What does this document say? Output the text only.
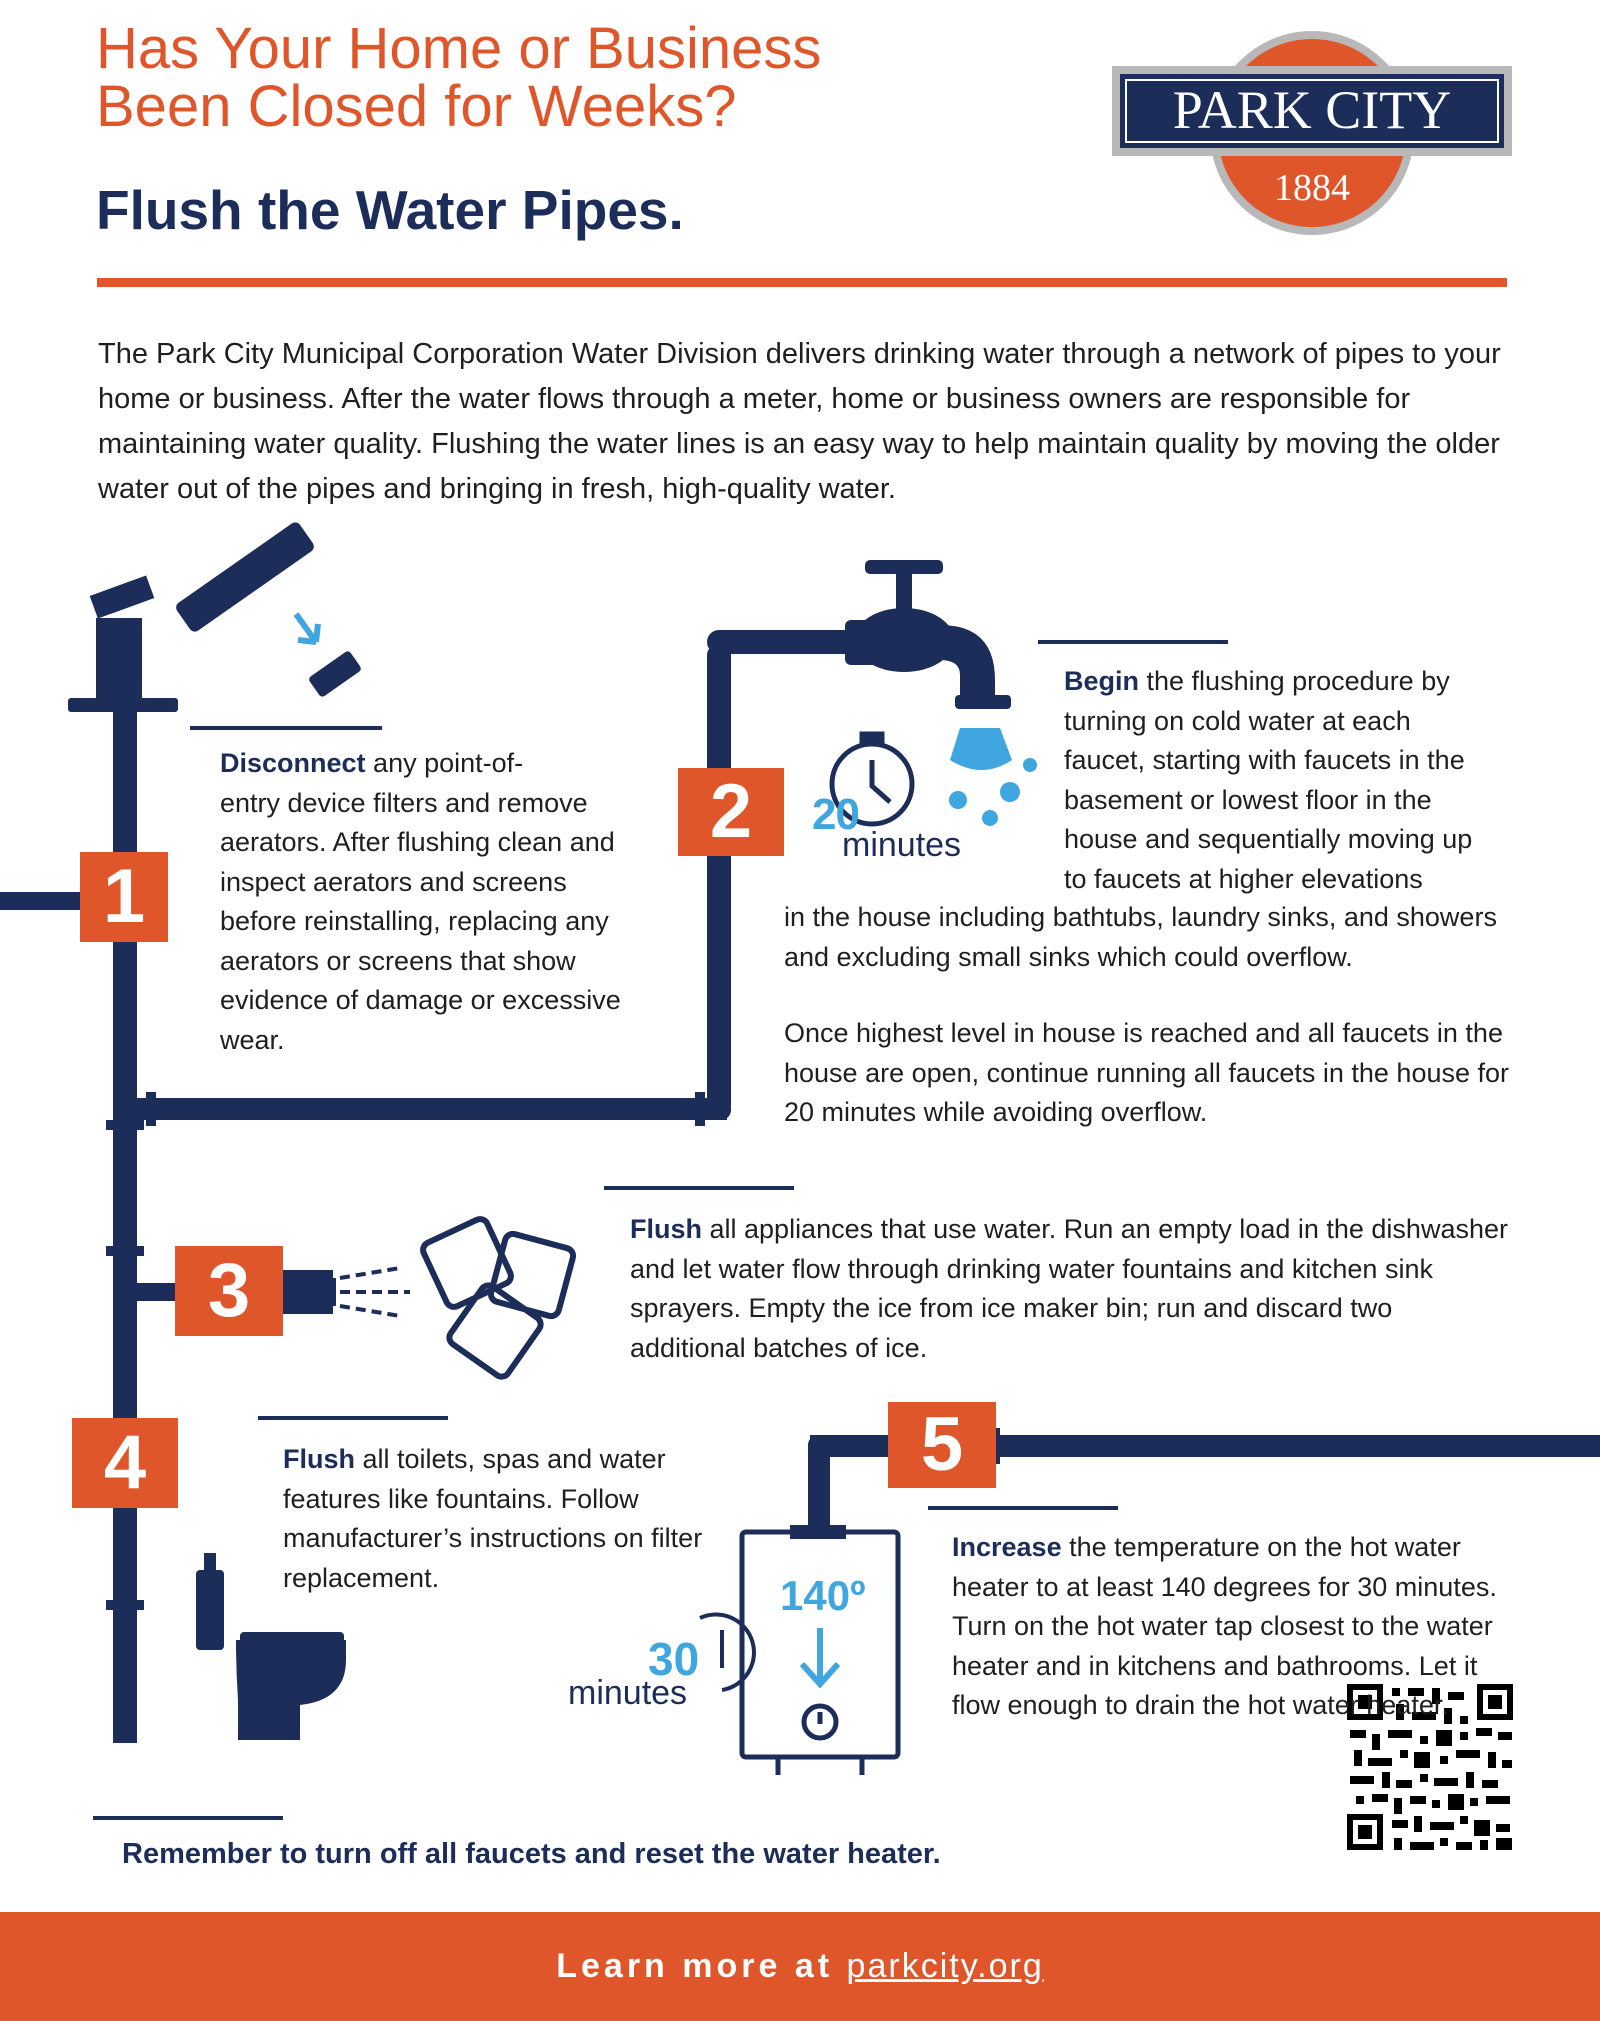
Has Your Home or Business
Been Closed for Weeks?
Flush the Water Pipes.
PARK CITY
1884
The Park City Municipal Corporation Water Division delivers drinking water through a network of pipes to your home or business. After the water flows through a meter, home or business owners are responsible for maintaining water quality. Flushing the water lines is an easy way to help maintain quality by moving the older water out of the pipes and bringing in fresh, high-quality water.
1
2
3
4	5
Disconnect any point-of-
entry device filters and remove aerators. After flushing clean and inspect aerators and screens before reinstalling, replacing any aerators or screens that show evidence of damage or excessive wear.
Begin the flushing procedure by turning on cold water at each faucet, starting with faucets in the basement or lowest floor in the house and sequentially moving up to faucets at higher elevations
in the house including bathtubs, laundry sinks, and showers and excluding small sinks which could overflow.
Once highest level in house is reached and all faucets in the house are open, continue running all faucets in the house for 20 minutes while avoiding overflow.
20
minutes
Flush all appliances that use water. Run an empty load in the dishwasher and let water flow through drinking water fountains and kitchen sink sprayers. Empty the ice from ice maker bin; run and discard two additional batches of ice.
Flush all toilets, spas and water features like fountains. Follow manufacturer’s instructions on filter replacement.
Increase the temperature on the hot water heater to at least 140 degrees for 30 minutes. Turn on the hot water tap closest to the water heater and in kitchens and bathrooms. Let it flow enough to drain the hot water heater.
140º
30
minutes
Remember to turn off all faucets and reset the water heater.
Learn more at parkcity.org
